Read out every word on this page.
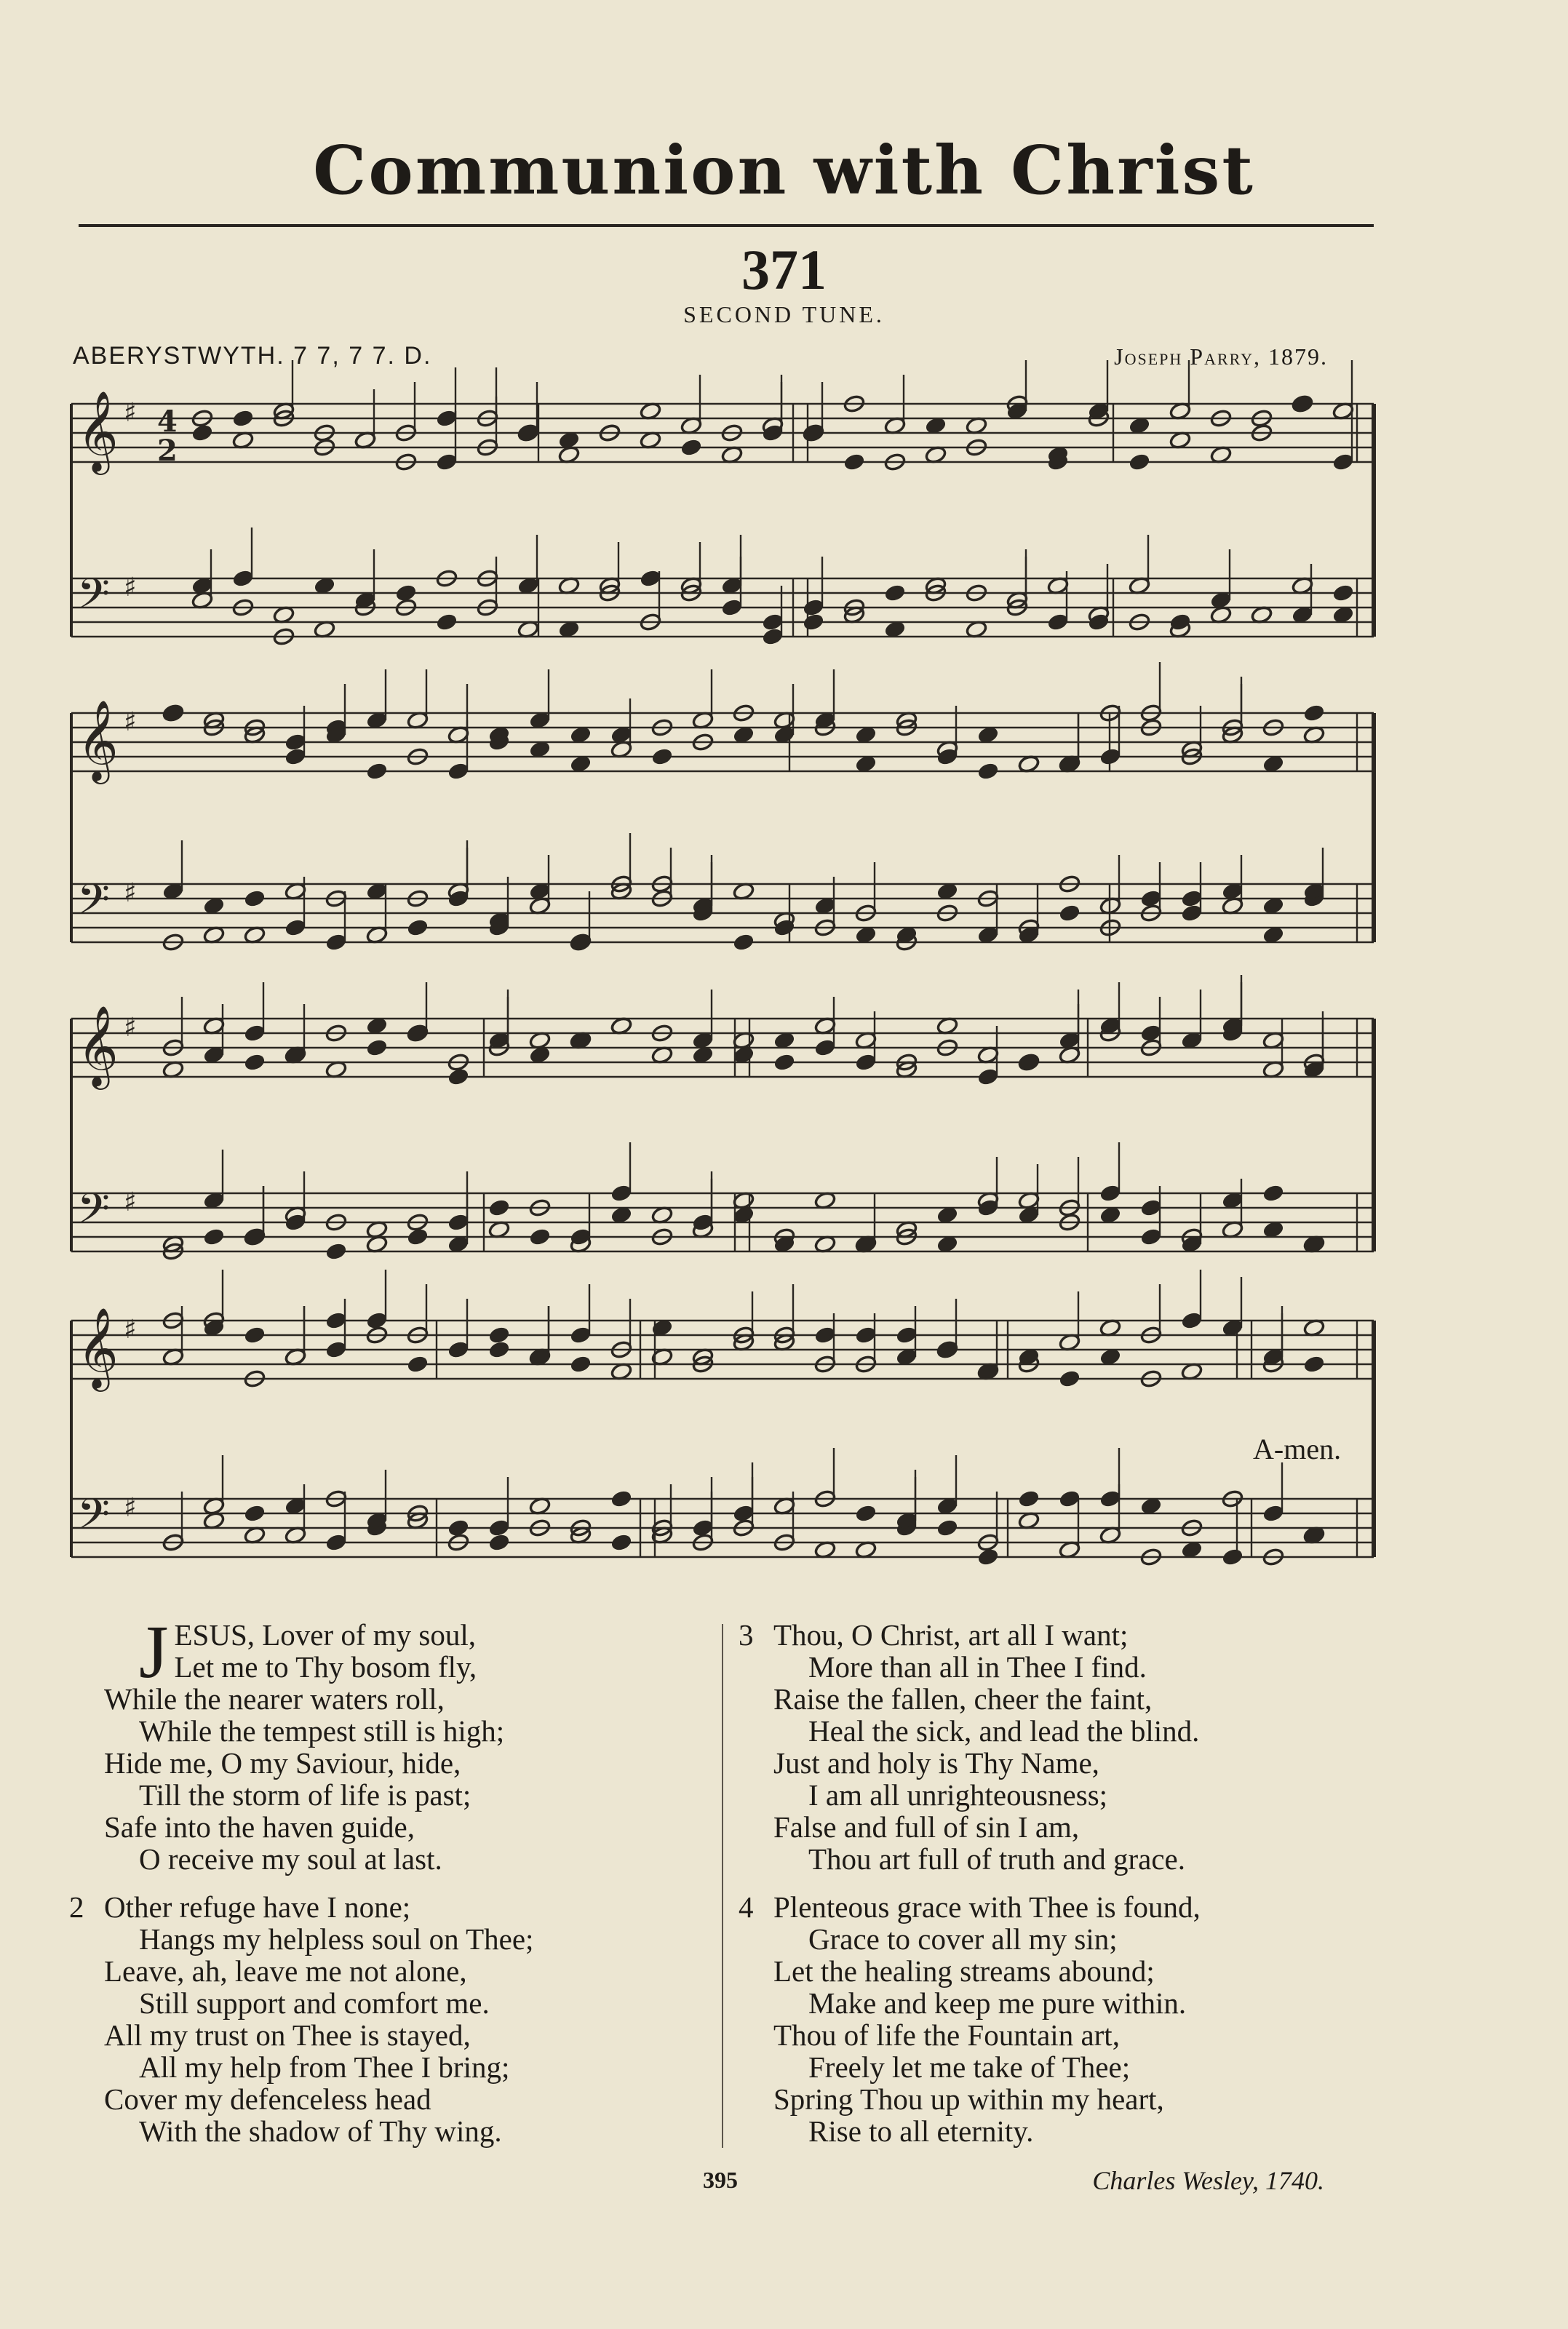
Communion with Christ
371
SECOND TUNE.
ABERYSTWYTH. 7 7, 7 7. D.	Joseph Parry, 1879.
𝄞 ♯
𝄢 ♯
4
2
𝄞 ♯
𝄢 ♯
𝄞 ♯
𝄢 ♯
𝄞 ♯
𝄢 ♯
A-men.
J ESUS, Lover of my soul,
Let me to Thy bosom fly,
While the nearer waters roll,
While the tempest still is high;
Hide me, O my Saviour, hide,
Till the storm of life is past;
Safe into the haven guide,
O receive my soul at last.
2 Other refuge have I none;
Hangs my helpless soul on Thee;
Leave, ah, leave me not alone,
Still support and comfort me.
All my trust on Thee is stayed,
All my help from Thee I bring;
Cover my defenceless head
With the shadow of Thy wing.
3 Thou, O Christ, art all I want;
More than all in Thee I find.
Raise the fallen, cheer the faint,
Heal the sick, and lead the blind.
Just and holy is Thy Name,
I am all unrighteousness;
False and full of sin I am,
Thou art full of truth and grace.
4 Plenteous grace with Thee is found,
Grace to cover all my sin;
Let the healing streams abound;
Make and keep me pure within.
Thou of life the Fountain art,
Freely let me take of Thee;
Spring Thou up within my heart,
Rise to all eternity.
395	Charles Wesley, 1740.
